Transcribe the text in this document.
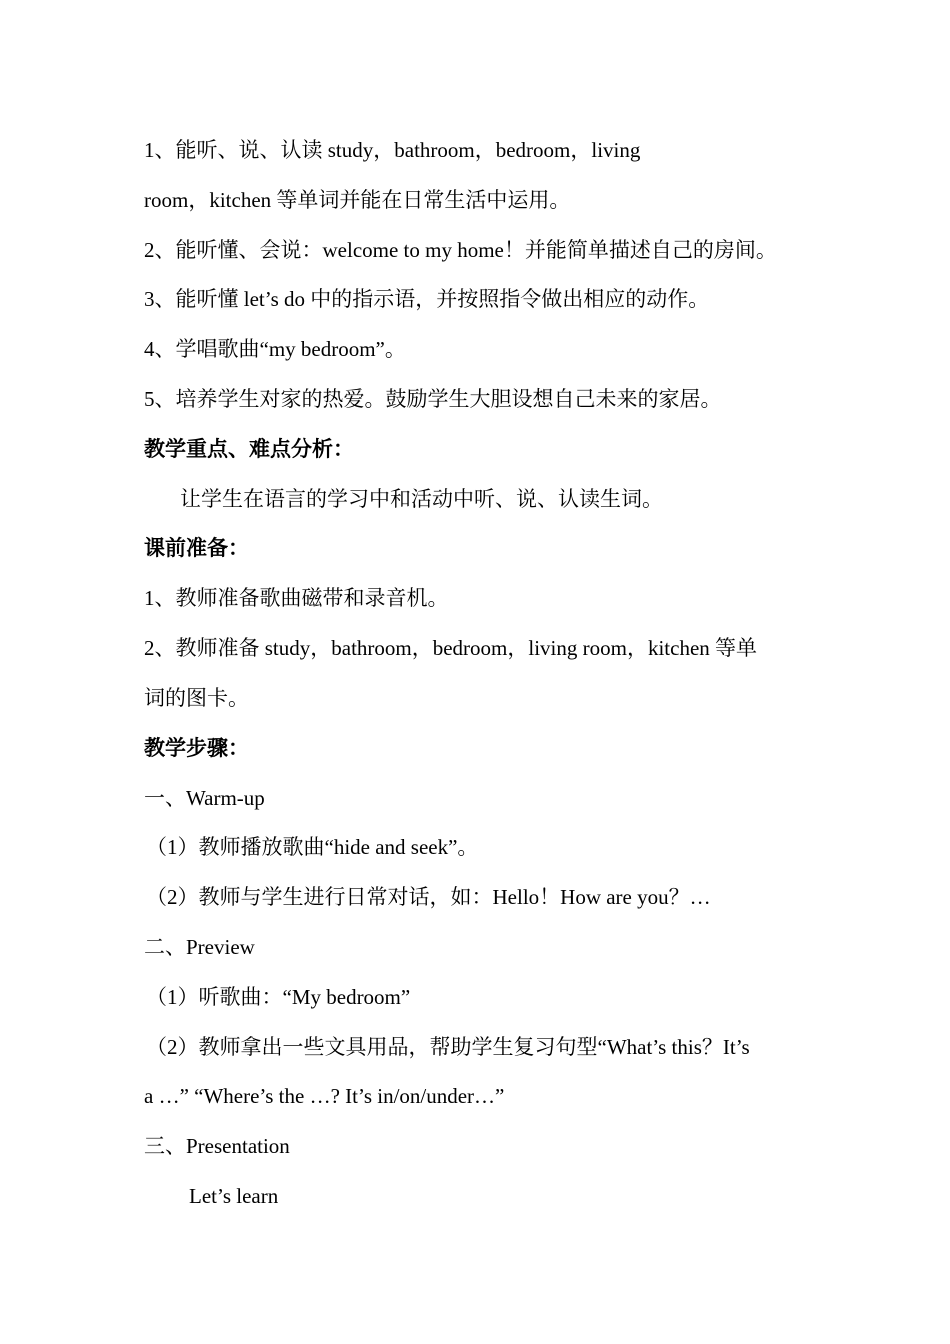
1、能听、说、认读 study，bathroom，bedroom，living
room，kitchen 等单词并能在日常生活中运用。
2、能听懂、会说：welcome to my home！并能简单描述自己的房间。
3、能听懂 let’s do 中的指示语，并按照指令做出相应的动作。
4、学唱歌曲“my bedroom”。
5、培养学生对家的热爱。鼓励学生大胆设想自己未来的家居。
教学重点、难点分析：
让学生在语言的学习中和活动中听、说、认读生词。
课前准备：
1、教师准备歌曲磁带和录音机。
2、教师准备 study，bathroom，bedroom，living room，kitchen 等单
词的图卡。
教学步骤：
一、Warm-up
（1）教师播放歌曲“hide and seek”。
（2）教师与学生进行日常对话，如：Hello！How are you？…
二、Preview
（1）听歌曲：“My bedroom”
（2）教师拿出一些文具用品，帮助学生复习句型“What’s this？It’s
a …” “Where’s the …? It’s in/on/under…”
三、Presentation
Let’s learn
